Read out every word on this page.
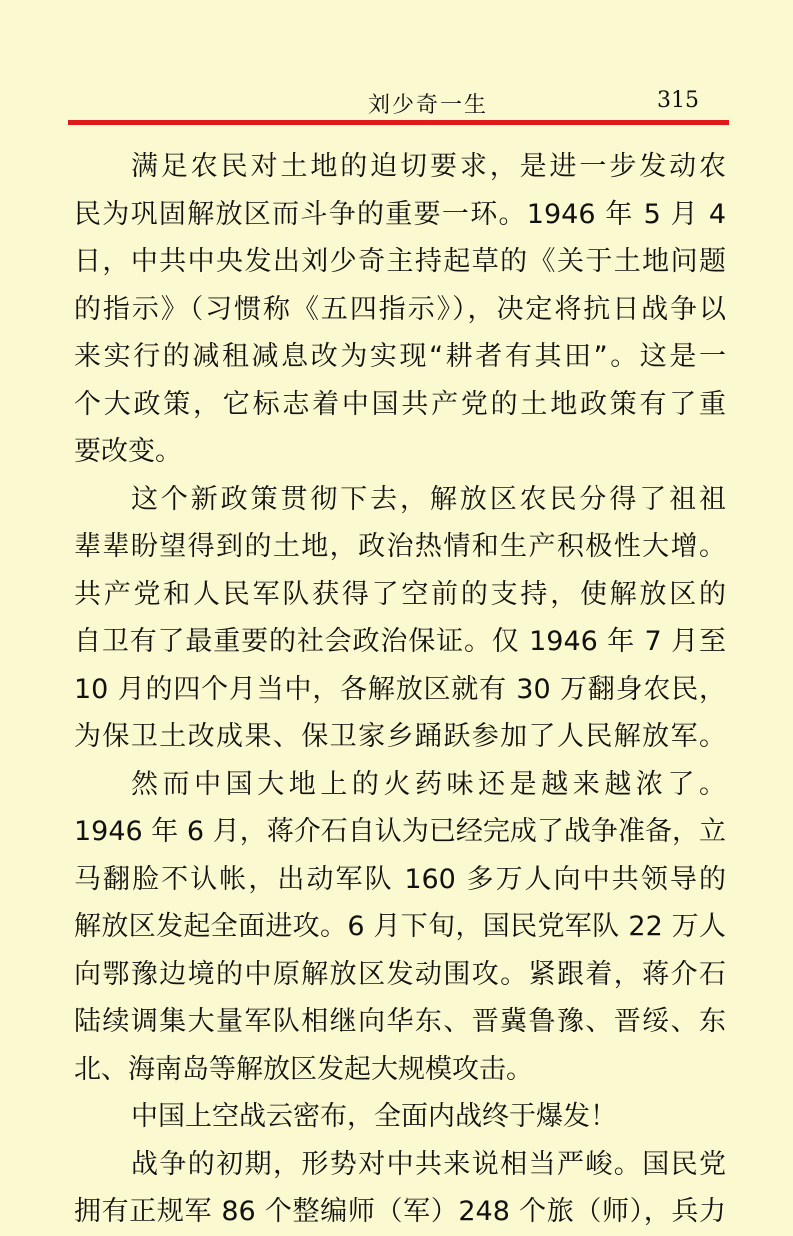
刘少奇一生	315
满足农民对土地的迫切要求，是进一步发动农
民为巩固解放区而斗争的重要一环。1946 年 5 月 4
日，中共中央发出刘少奇主持起草的《关于土地问题
的指示》（习惯称《五四指示》），决定将抗日战争以
来实行的减租减息改为实现“耕者有其田”。这是一
个大政策，它标志着中国共产党的土地政策有了重
要改变。
这个新政策贯彻下去，解放区农民分得了祖祖
辈辈盼望得到的土地，政治热情和生产积极性大增。
共产党和人民军队获得了空前的支持，使解放区的
自卫有了最重要的社会政治保证。仅 1946 年 7 月至
10 月的四个月当中，各解放区就有 30 万翻身农民，
为保卫土改成果、保卫家乡踊跃参加了人民解放军。
然而中国大地上的火药味还是越来越浓了。
1946 年 6 月，蒋介石自认为已经完成了战争准备，立
马翻脸不认帐，出动军队 160 多万人向中共领导的
解放区发起全面进攻。6 月下旬，国民党军队 22 万人
向鄂豫边境的中原解放区发动围攻。紧跟着，蒋介石
陆续调集大量军队相继向华东、晋冀鲁豫、晋绥、东
北、海南岛等解放区发起大规模攻击。
中国上空战云密布，全面内战终于爆发！
战争的初期，形势对中共来说相当严峻。国民党
拥有正规军 86 个整编师（军）248 个旅（师），兵力
